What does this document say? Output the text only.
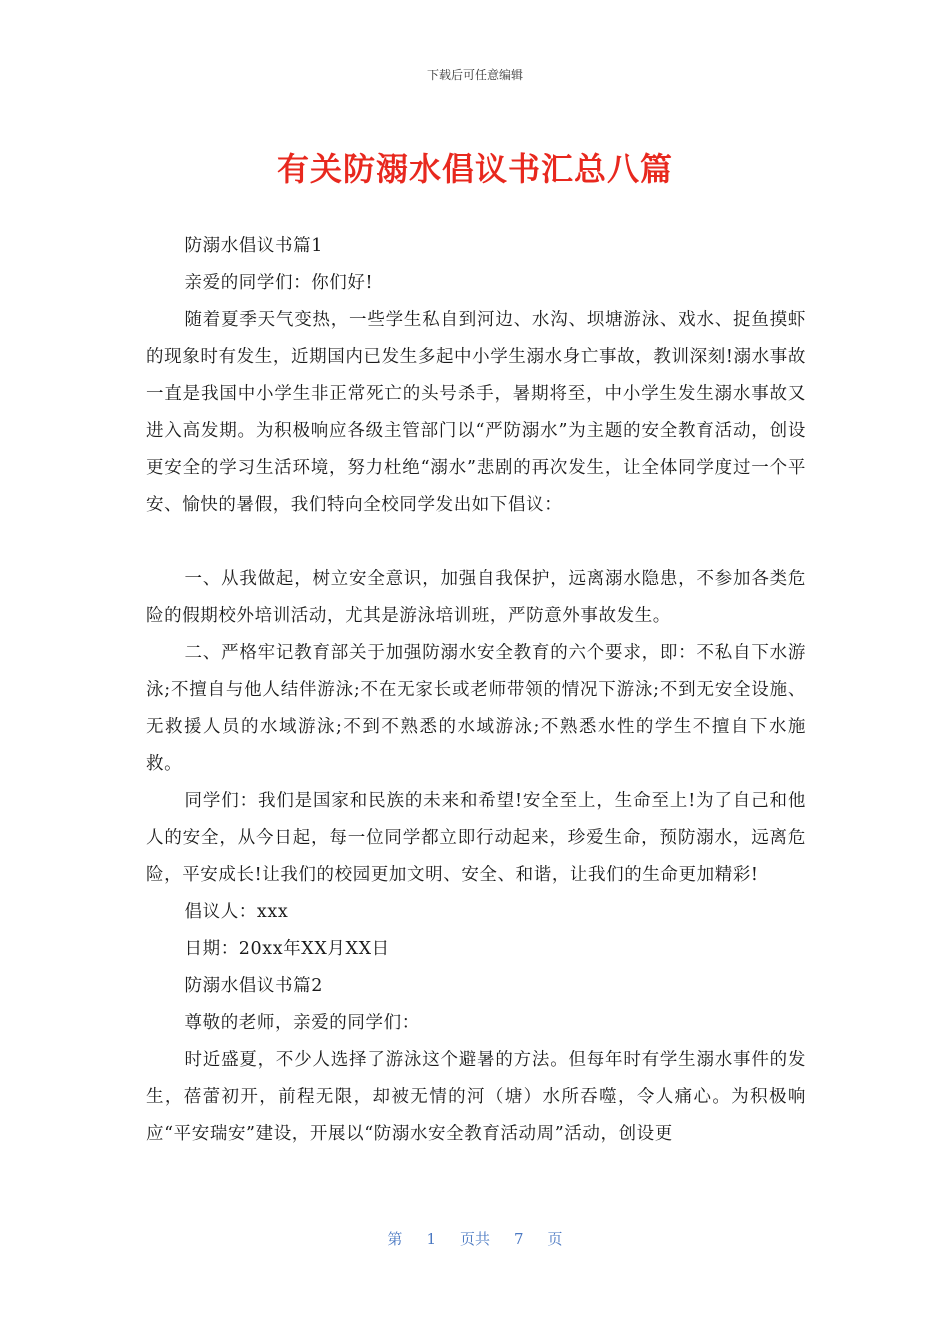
下载后可任意编辑
有关防溺水倡议书汇总八篇

防溺水倡议书篇1

亲爱的同学们：你们好!

随着夏季天气变热，一些学生私自到河边、水沟、坝塘游泳、戏水、捉鱼摸虾的现象时有发生，近期国内已发生多起中小学生溺水身亡事故，教训深刻!溺水事故一直是我国中小学生非正常死亡的头号杀手，暑期将至，中小学生发生溺水事故又进入高发期。为积极响应各级主管部门以“严防溺水”为主题的安全教育活动，创设更安全的学习生活环境，努力杜绝“溺水”悲剧的再次发生，让全体同学度过一个平安、愉快的暑假，我们特向全校同学发出如下倡议：

一、从我做起，树立安全意识，加强自我保护，远离溺水隐患，不参加各类危险的假期校外培训活动，尤其是游泳培训班，严防意外事故发生。

二、严格牢记教育部关于加强防溺水安全教育的六个要求，即：不私自下水游泳;不擅自与他人结伴游泳;不在无家长或老师带领的情况下游泳;不到无安全设施、无救援人员的水域游泳;不到不熟悉的水域游泳;不熟悉水性的学生不擅自下水施救。

同学们：我们是国家和民族的未来和希望!安全至上，生命至上!为了自己和他人的安全，从今日起，每一位同学都立即行动起来，珍爱生命，预防溺水，远离危险，平安成长!让我们的校园更加文明、安全、和谐，让我们的生命更加精彩!

倡议人：xxx

日期：20xx年XX月XX日

防溺水倡议书篇2

尊敬的老师，亲爱的同学们：

时近盛夏，不少人选择了游泳这个避暑的方法。但每年时有学生溺水事件的发生，蓓蕾初开，前程无限，却被无情的河（塘）水所吞噬，令人痛心。为积极响应“平安瑞安”建设，开展以“防溺水安全教育活动周”活动，创设更

第 1 页共 7 页
